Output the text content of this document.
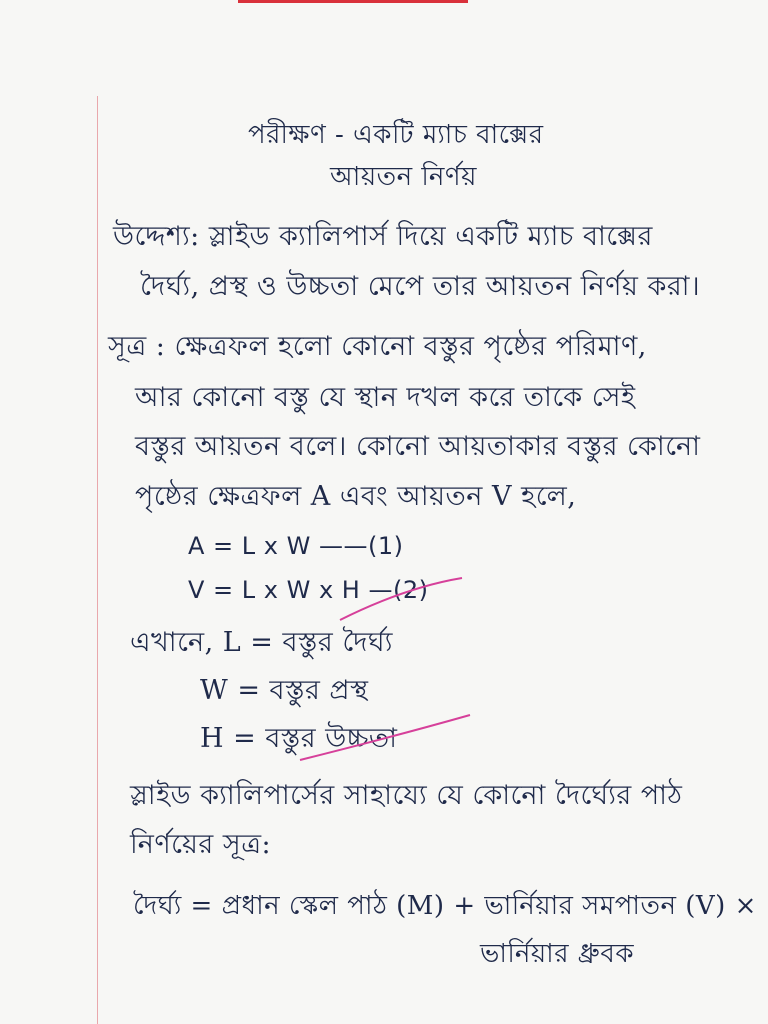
পরীক্ষণ - একটি ম্যাচ বাক্সের
আয়তন নির্ণয়
উদ্দেশ্য: স্লাইড ক্যালিপার্স দিয়ে একটি ম্যাচ বাক্সের
দৈর্ঘ্য, প্রস্থ ও উচ্চতা মেপে তার আয়তন নির্ণয় করা।
সূত্র : ক্ষেত্রফল হলো কোনো বস্তুর পৃষ্ঠের পরিমাণ,
আর কোনো বস্তু যে স্থান দখল করে তাকে সেই
বস্তুর আয়তন বলে। কোনো আয়তাকার বস্তুর কোনো
পৃষ্ঠের ক্ষেত্রফল A এবং আয়তন V হলে,
A = L x W ——(1)
V = L x W x H —(2)
এখানে, L = বস্তুর দৈর্ঘ্য
W = বস্তুর প্রস্থ
H = বস্তুর উচ্চতা
স্লাইড ক্যালিপার্সের সাহায্যে যে কোনো দৈর্ঘ্যের পাঠ
নির্ণয়ের সূত্র:
দৈর্ঘ্য = প্রধান স্কেল পাঠ (M) + ভার্নিয়ার সমপাতন (V) ×
ভার্নিয়ার ধ্রুবক
